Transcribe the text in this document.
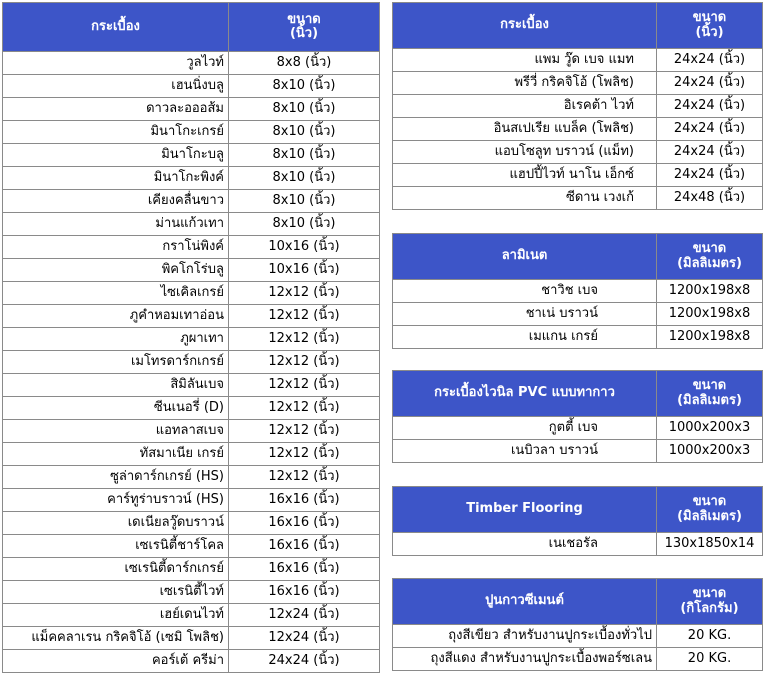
กระเบื้อง	ขนาด
(นิ้ว)

วูลไวท์	8x8 (นิ้ว)
เฮนนิ่งบลู	8x10 (นิ้ว)
ดาวละอออส้ม	8x10 (นิ้ว)
มินาโกะเกรย์	8x10 (นิ้ว)
มินาโกะบลู	8x10 (นิ้ว)
มินาโกะพิงค์	8x10 (นิ้ว)
เคียงคลื่นขาว	8x10 (นิ้ว)
ม่านแก้วเทา	8x10 (นิ้ว)
กราโน่พิงค์	10x16 (นิ้ว)
พิคโกโร่บลู	10x16 (นิ้ว)
ไซเคิลเกรย์	12x12 (นิ้ว)
ภูคำหอมเทาอ่อน	12x12 (นิ้ว)
ภูผาเทา	12x12 (นิ้ว)
เมโทรดาร์กเกรย์	12x12 (นิ้ว)
สิมิลันเบจ	12x12 (นิ้ว)
ซีนเนอรี่ (D)	12x12 (นิ้ว)
แอทลาสเบจ	12x12 (นิ้ว)
ทัสมาเนีย เกรย์	12x12 (นิ้ว)
ซูล่าดาร์กเกรย์ (HS)	12x12 (นิ้ว)
คาร์ทูร่าบราวน์ (HS)	16x16 (นิ้ว)
เดเนียลวู๊ดบราวน์	16x16 (นิ้ว)
เซเรนิตี้ชาร์โคล	16x16 (นิ้ว)
เซเรนิตี้ดาร์กเกรย์	16x16 (นิ้ว)
เซเรนิตี้ไวท์	16x16 (นิ้ว)
เฮย์เดนไวท์	12x24 (นิ้ว)
แม็คคลาเรน กริคจิโอ้ (เซมิ โพลิช)	12x24 (นิ้ว)
คอร์เต้ ครีม่า	24x24 (นิ้ว)
กระเบื้อง	ขนาด
(นิ้ว)

แพม วู๊ด เบจ แมท	24x24 (นิ้ว)
พรีวี่ กริคจิโอ้ (โพลิช)	24x24 (นิ้ว)
อิเรคต้า ไวท์	24x24 (นิ้ว)
อินสเปเรีย แบล็ค (โพลิช)	24x24 (นิ้ว)
แอบโซลูท บราวน์ (แม็ท)	24x24 (นิ้ว)
แฮปปี้ไวท์ นาโน เอ็กซ์	24x24 (นิ้ว)
ซีดาน เวงเก้	24x48 (นิ้ว)
ลามิเนต	ขนาด
(มิลลิเมตร)

ชาวิช เบจ	1200x198x8
ชาเน่ บราวน์	1200x198x8
เมแกน เกรย์	1200x198x8
กระเบื้องไวนิล PVC แบบทากาว	ขนาด
(มิลลิเมตร)

กูตตี้ เบจ	1000x200x3
เนบิวลา บราวน์	1000x200x3
Timber Flooring	ขนาด
(มิลลิเมตร)

เนเชอรัล	130x1850x14
ปูนกาวซีเมนต์	ขนาด
(กิโลกรัม)

ถุงสีเขียว สำหรับงานปูกระเบื้องทั่วไป	20 KG.
ถุงสีแดง สำหรับงานปูกระเบื้องพอร์ซเลน	20 KG.
